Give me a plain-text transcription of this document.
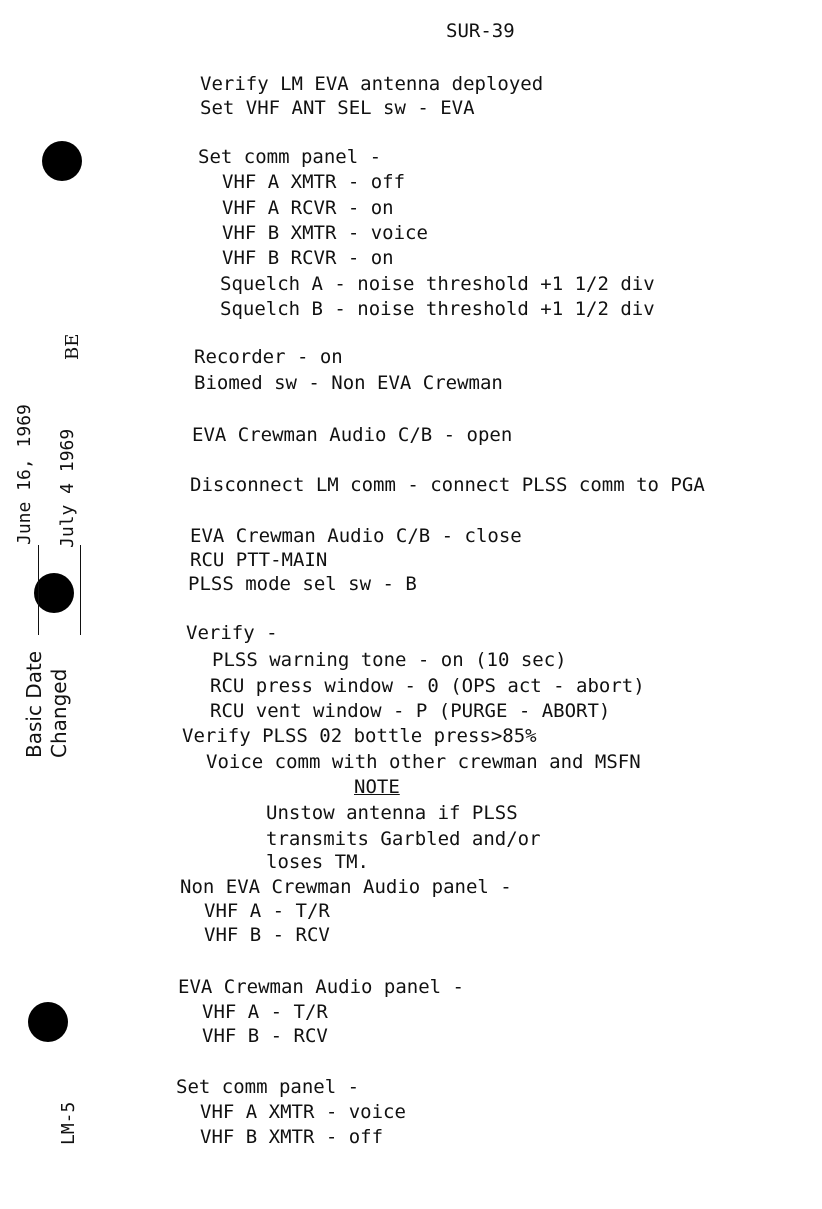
SUR-39
Basic Date Changed
June 16, 1969 July 4 1969
BE
LM-5
Verify LM EVA antenna deployed
Set VHF ANT SEL sw - EVA
Set comm panel -
VHF A XMTR - off
VHF A RCVR - on
VHF B XMTR - voice
VHF B RCVR - on
Squelch A - noise threshold +1 1/2 div
Squelch B - noise threshold +1 1/2 div
Recorder - on
Biomed sw - Non EVA Crewman
EVA Crewman Audio C/B - open
Disconnect LM comm - connect PLSS comm to PGA
EVA Crewman Audio C/B - close
RCU PTT-MAIN
PLSS mode sel sw - B
Verify -
PLSS warning tone - on (10 sec)
RCU press window - 0 (OPS act - abort)
RCU vent window - P (PURGE - ABORT)
Verify PLSS 02 bottle press>85%
Voice comm with other crewman and MSFN
NOTE
Unstow antenna if PLSS
transmits Garbled and/or
loses TM.
Non EVA Crewman Audio panel -
VHF A - T/R
VHF B - RCV
EVA Crewman Audio panel -
VHF A - T/R
VHF B - RCV
Set comm panel -
VHF A XMTR - voice
VHF B XMTR - off
